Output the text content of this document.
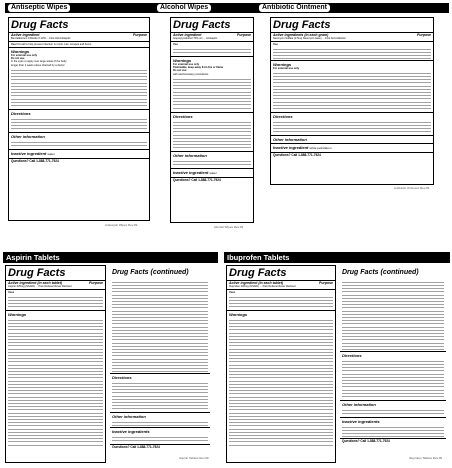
Antiseptic Wipes
Drug Facts
Active ingredient	Purpose
Benzalkonium Chloride 0.13% ... First Aid Antiseptic
Use first aid to help prevent infection in minor cuts, scrapes and burns
Warnings
For external use only
Do not use
in the eyes or apply over large areas of the body
longer than 1 week unless directed by a doctor
Directions
Other information
Inactive ingredient water
Questions? Call 1-888-771-7924
Antiseptic Wipes Rev.09
Alcohol Wipes
Drug Facts
Active ingredient	Purpose
Isopropyl Alcohol 70% v/v ... Antiseptic
Use
Warnings
For external use only
Flammable, keep away from fire or flame
Do not use
with electrocautery procedures
Directions
Other information
Inactive ingredient water
Questions? Call 1-888-771-7924
Alcohol Wipes Rev.09
Antibiotic Ointment
Drug Facts
Active ingredients (in each gram)	Purpose
Neomycin Sulfate (3.5mg Neomycin base) ... First Aid Antibiotic
Use
Warnings
For external use only
Directions
Other information
Inactive ingredient white petrolatum
Questions? Call 1-888-771-7924
Antibiotic Ointment Rev.09
Aspirin Tablets
Drug Facts
Active ingredient (in each tablet)	Purpose
Aspirin 325mg (NSAID) ... Pain Reliever/Fever Reducer
Uses
Warnings
Drug Facts (continued)
Directions
Other information
Inactive ingredients
Questions? Call 1-888-771-7924
Aspirin Tablets Rev.09
Ibuprofen Tablets
Drug Facts
Active ingredient (in each tablet)	Purpose
Ibuprofen 200mg (NSAID) ... Pain Reliever/Fever Reducer
Uses
Warnings
Drug Facts (continued)
Directions
Other information
Inactive ingredients
Questions? Call 1-888-771-7924
Ibuprofen Tablets Rev.09
